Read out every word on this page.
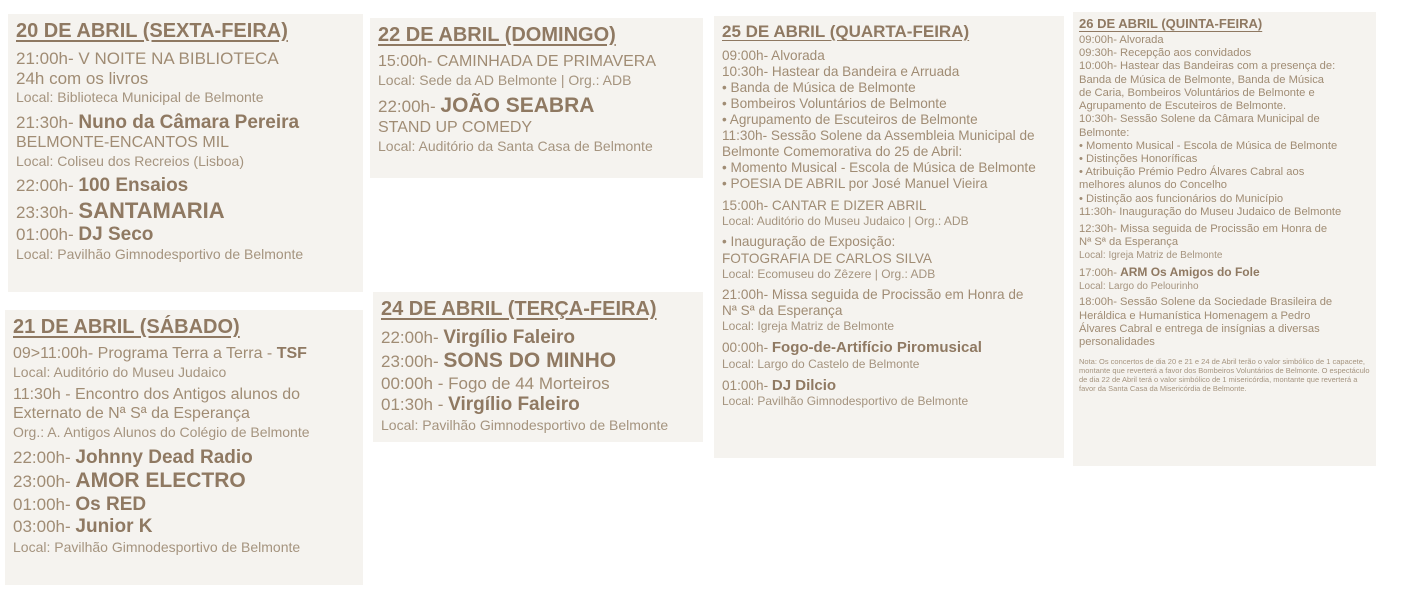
20 DE ABRIL (SEXTA-FEIRA)

21:00h- V NOITE NA BIBLIOTECA

24h com os livros

Local: Biblioteca Municipal de Belmonte

21:30h- Nuno da Câmara Pereira

BELMONTE-ENCANTOS MIL

Local: Coliseu dos Recreios (Lisboa)

22:00h- 100 Ensaios

23:30h- SANTAMARIA

01:00h- DJ Seco

Local: Pavilhão Gimnodesportivo de Belmonte

21 DE ABRIL (SÁBADO)

09>11:00h- Programa Terra a Terra - TSF

Local: Auditório do Museu Judaico

11:30h - Encontro dos Antigos alunos do

Externato de Nª Sª da Esperança

Org.: A. Antigos Alunos do Colégio de Belmonte

22:00h- Johnny Dead Radio

23:00h- AMOR ELECTRO

01:00h- Os RED

03:00h- Junior K

Local: Pavilhão Gimnodesportivo de Belmonte

22 DE ABRIL (DOMINGO)

15:00h- CAMINHADA DE PRIMAVERA

Local: Sede da AD Belmonte | Org.: ADB

22:00h- JOÃO SEABRA

STAND UP COMEDY

Local: Auditório da Santa Casa de Belmonte

24 DE ABRIL (TERÇA-FEIRA)

22:00h- Virgílio Faleiro

23:00h- SONS DO MINHO

00:00h - Fogo de 44 Morteiros

01:30h - Virgílio Faleiro

Local: Pavilhão Gimnodesportivo de Belmonte

25 DE ABRIL (QUARTA-FEIRA)

09:00h- Alvorada

10:30h- Hastear da Bandeira e Arruada

• Banda de Música de Belmonte

• Bombeiros Voluntários de Belmonte

• Agrupamento de Escuteiros de Belmonte

11:30h- Sessão Solene da Assembleia Municipal de

Belmonte Comemorativa do 25 de Abril:

• Momento Musical - Escola de Música de Belmonte

• POESIA DE ABRIL por José Manuel Vieira

15:00h- CANTAR E DIZER ABRIL

Local: Auditório do Museu Judaico | Org.: ADB

• Inauguração de Exposição:

FOTOGRAFIA DE CARLOS SILVA

Local: Ecomuseu do Zêzere | Org.: ADB

21:00h- Missa seguida de Procissão em Honra de

Nª Sª da Esperança

Local: Igreja Matriz de Belmonte

00:00h- Fogo-de-Artifício Piromusical

Local: Largo do Castelo de Belmonte

01:00h- DJ Dilcio

Local: Pavilhão Gimnodesportivo de Belmonte

26 DE ABRIL (QUINTA-FEIRA)

09:00h- Alvorada

09:30h- Recepção aos convidados

10:00h- Hastear das Bandeiras com a presença de:

Banda de Música de Belmonte, Banda de Música

de Caria, Bombeiros Voluntários de Belmonte e

Agrupamento de Escuteiros de Belmonte.

10:30h- Sessão Solene da Câmara Municipal de

Belmonte:

• Momento Musical - Escola de Música de Belmonte

• Distinções Honoríficas

• Atribuição Prémio Pedro Álvares Cabral aos

melhores alunos do Concelho

• Distinção aos funcionários do Município

11:30h- Inauguração do Museu Judaico de Belmonte

12:30h- Missa seguida de Procissão em Honra de

Nª Sª da Esperança

Local: Igreja Matriz de Belmonte

17:00h- ARM Os Amigos do Fole

Local: Largo do Pelourinho

18:00h- Sessão Solene da Sociedade Brasileira de

Heráldica e Humanística Homenagem a Pedro

Álvares Cabral e entrega de insígnias a diversas

personalidades

Nota: Os concertos de dia 20 e 21 e 24 de Abril terão o valor simbólico de 1 capacete, montante que reverterá a favor dos Bombeiros Voluntários de Belmonte. O espectáculo de dia 22 de Abril terá o valor simbólico de 1 misericórdia, montante que reverterá a favor da Santa Casa da Misericórdia de Belmonte.
